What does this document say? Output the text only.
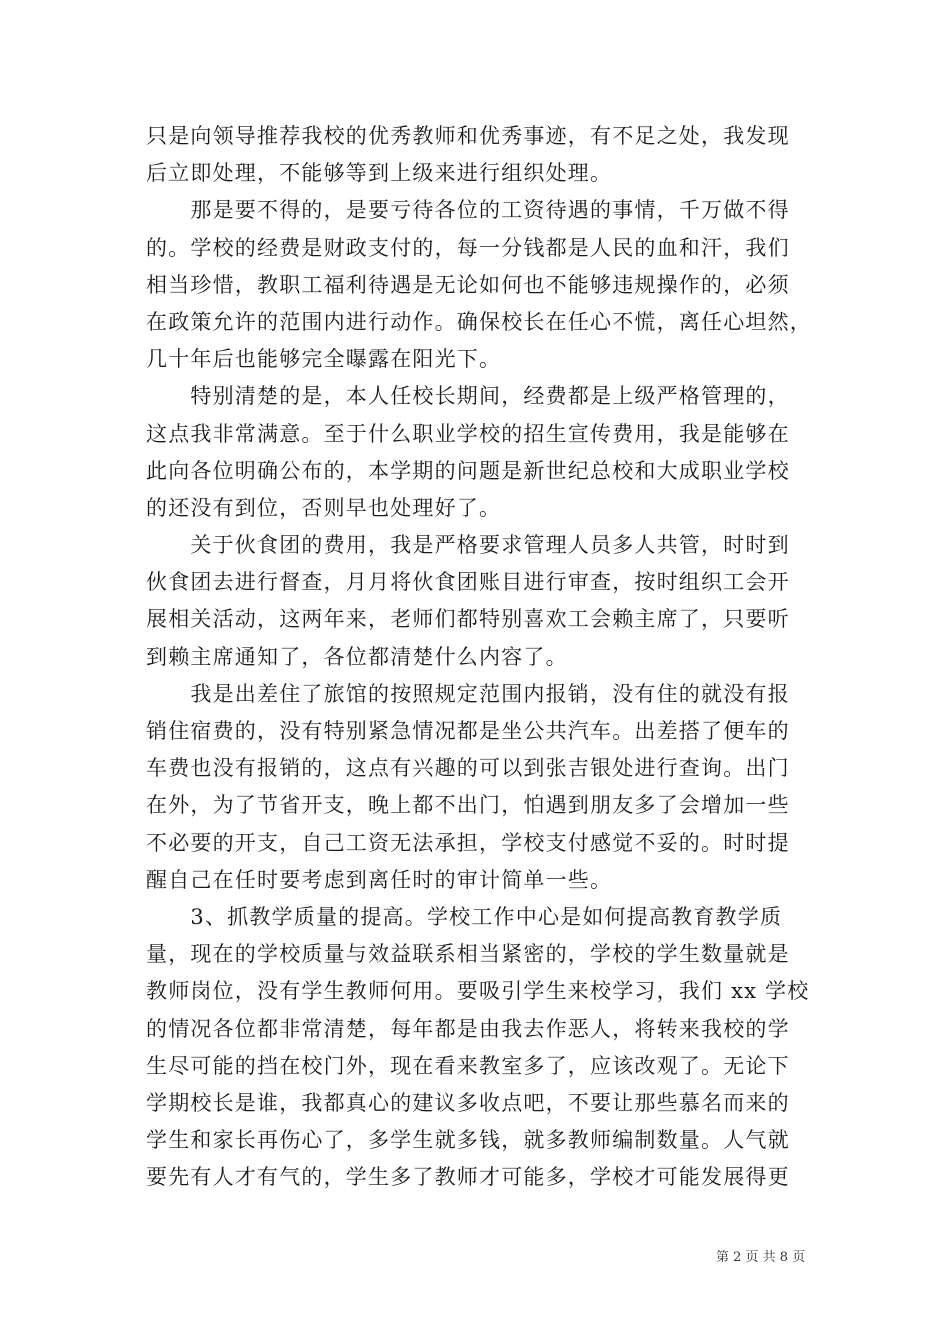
只是向领导推荐我校的优秀教师和优秀事迹，有不足之处，我发现
后立即处理，不能够等到上级来进行组织处理。
　　那是要不得的，是要亏待各位的工资待遇的事情，千万做不得
的。学校的经费是财政支付的，每一分钱都是人民的血和汗，我们
相当珍惜，教职工福利待遇是无论如何也不能够违规操作的，必须
在政策允许的范围内进行动作。确保校长在任心不慌，离任心坦然，
几十年后也能够完全曝露在阳光下。
　　特别清楚的是，本人任校长期间，经费都是上级严格管理的，
这点我非常满意。至于什么职业学校的招生宣传费用，我是能够在
此向各位明确公布的，本学期的问题是新世纪总校和大成职业学校
的还没有到位，否则早也处理好了。
　　关于伙食团的费用，我是严格要求管理人员多人共管，时时到
伙食团去进行督查，月月将伙食团账目进行审查，按时组织工会开
展相关活动，这两年来，老师们都特别喜欢工会赖主席了，只要听
到赖主席通知了，各位都清楚什么内容了。
　　我是出差住了旅馆的按照规定范围内报销，没有住的就没有报
销住宿费的，没有特别紧急情况都是坐公共汽车。出差搭了便车的
车费也没有报销的，这点有兴趣的可以到张吉银处进行查询。出门
在外，为了节省开支，晚上都不出门，怕遇到朋友多了会增加一些
不必要的开支，自己工资无法承担，学校支付感觉不妥的。时时提
醒自己在任时要考虑到离任时的审计简单一些。
　　3、抓教学质量的提高。学校工作中心是如何提高教育教学质
量，现在的学校质量与效益联系相当紧密的，学校的学生数量就是
教师岗位，没有学生教师何用。要吸引学生来校学习，我们 xx 学校
的情况各位都非常清楚，每年都是由我去作恶人，将转来我校的学
生尽可能的挡在校门外，现在看来教室多了，应该改观了。无论下
学期校长是谁，我都真心的建议多收点吧，不要让那些慕名而来的
学生和家长再伤心了，多学生就多钱，就多教师编制数量。人气就
要先有人才有气的，学生多了教师才可能多，学校才可能发展得更
第 2 页 共 8 页
